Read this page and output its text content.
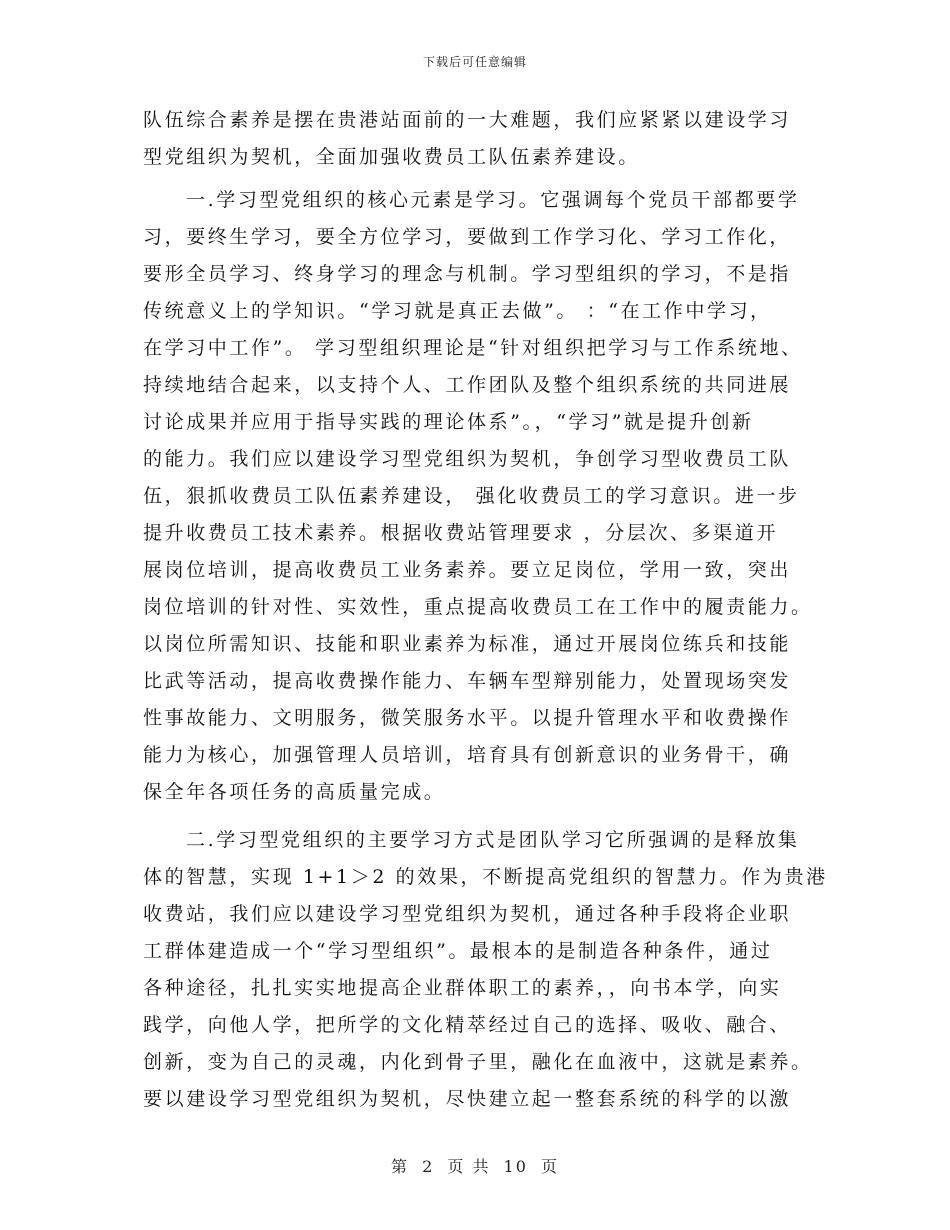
下载后可任意编辑
队伍综合素养是摆在贵港站面前的一大难题，我们应紧紧以建设学习
型党组织为契机，全面加强收费员工队伍素养建设。
一.学习型党组织的核心元素是学习。它强调每个党员干部都要学
习，要终生学习，要全方位学习，要做到工作学习化、学习工作化，
要形全员学习、终身学习的理念与机制。学习型组织的学习，不是指
传统意义上的学知识。“学习就是真正去做”。 ：“在工作中学习，
在学习中工作”。 学习型组织理论是“针对组织把学习与工作系统地、
持续地结合起来，以支持个人、工作团队及整个组织系统的共同进展
讨论成果并应用于指导实践的理论体系”。，“学习”就是提升创新
的能力。我们应以建设学习型党组织为契机，争创学习型收费员工队
伍，狠抓收费员工队伍素养建设， 强化收费员工的学习意识。进一步
提升收费员工技术素养。根据收费站管理要求 ，分层次、多渠道开
展岗位培训，提高收费员工业务素养。要立足岗位，学用一致，突出
岗位培训的针对性、实效性，重点提高收费员工在工作中的履责能力。
以岗位所需知识、技能和职业素养为标准，通过开展岗位练兵和技能
比武等活动，提高收费操作能力、车辆车型辩别能力，处置现场突发
性事故能力、文明服务，微笑服务水平。以提升管理水平和收费操作
能力为核心，加强管理人员培训，培育具有创新意识的业务骨干，确
保全年各项任务的高质量完成。
二.学习型党组织的主要学习方式是团队学习它所强调的是释放集
体的智慧，实现 1+1＞2 的效果，不断提高党组织的智慧力。作为贵港
收费站，我们应以建设学习型党组织为契机，通过各种手段将企业职
工群体建造成一个“学习型组织”。最根本的是制造各种条件，通过
各种途径，扎扎实实地提高企业群体职工的素养，，向书本学，向实
践学，向他人学，把所学的文化精萃经过自己的选择、吸收、融合、
创新，变为自己的灵魂，内化到骨子里，融化在血液中，这就是素养。
要以建设学习型党组织为契机，尽快建立起一整套系统的科学的以激
第 2 页 共 10 页
